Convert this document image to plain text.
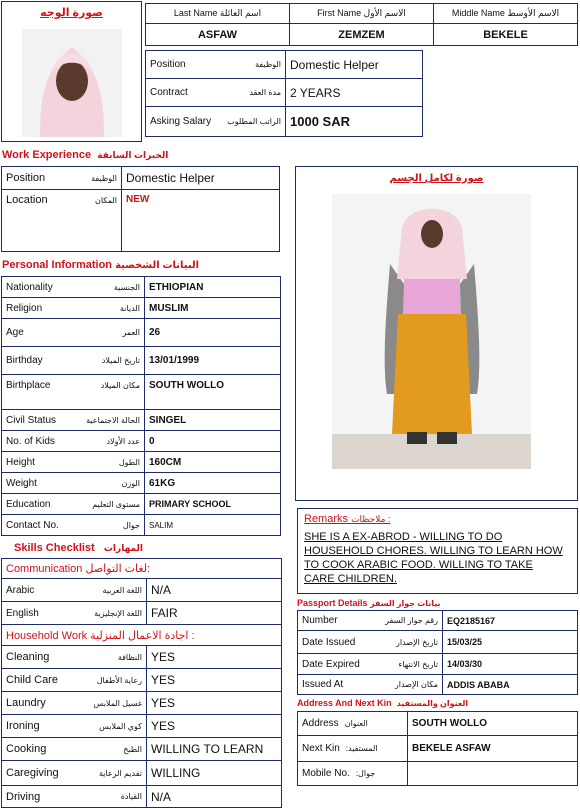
صورة الوجه	Last Name اسم العائلة	First Name الاسم الأول	Middle Name الاسم الأوسط
ASFAW	ZEMZEM	BEKELE
Position الوظيفة	Domestic Helper

Contract مدة العقد	2 YEARS

Asking Salary الراتب المطلوب	1000 SAR
Work Experience الخبرات السابقة
Position الوظيفة	Domestic Helper

Location المكان	NEW
صورة لكامل الجسم
Personal Information البيانات الشخصية
Nationality الجنسية	ETHIOPIAN

Religion الديانة	MUSLIM

Age العمر	26

Birthday تاريخ الميلاد	13/01/1999

Birthplace مكان الميلاد	SOUTH WOLLO

Civil Status الحالة الاجتماعية	SINGEL

No. of Kids عدد الأولاد	0

Height الطول	160CM

Weight الوزن	61KG

Education مستوى التعليم	PRIMARY SCHOOL

Contact No. جوال	SALIM
Skills Checklist المهارات
Communication لغات التواصل:	

Arabic اللغة العربية	N/A

English اللغة الإنجليزية	FAIR
Household Work اجادة الاعمال المنزلية :	

Cleaning النظافة	YES

Child Care رعاية الأطفال	YES

Laundry غسيل الملابس	YES

Ironing كوي الملابس	YES

Cooking الطبخ	WILLING TO LEARN

Caregiving تقديم الرعاية	WILLING

Driving القيادة	N/A
Remarks ملاحظات :
SHE IS A EX-ABROD - WILLING TO DO HOUSEHOLD CHORES. WILLING TO LEARN HOW TO COOK ARABIC FOOD. WILLING TO TAKE CARE CHILDREN.
Passport Details بيانات جواز السفر
Number رقم جواز السفر	EQ2185167

Date Issued تاريخ الإصدار	15/03/25

Date Expired تاريخ الانتهاء	14/03/30

Issued At مكان الإصدار	ADDIS ABABA
Address And Next Kin العنوان والمستفيد
Address العنوان	SOUTH WOLLO

Next Kin المستفيد:	BEKELE ASFAW

Mobile No. جوال:	
